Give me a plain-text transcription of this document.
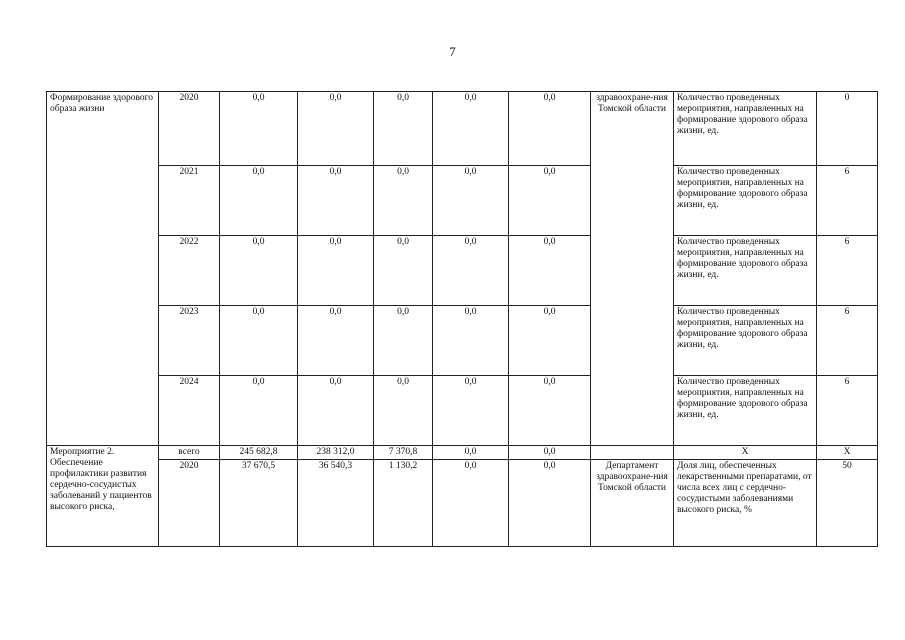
7
Формирование здорового образа жизни	2020	0,0	0,0	0,0	0,0	0,0	здравоохране-ния Томской области	Количество проведенных мероприятия, направленных на формирование здорового образа жизни, ед.	0
	2021	0,0	0,0	0,0	0,0	0,0		Количество проведенных мероприятия, направленных на формирование здорового образа жизни, ед.	6
	2022	0,0	0,0	0,0	0,0	0,0		Количество проведенных мероприятия, направленных на формирование здорового образа жизни, ед.	6
	2023	0,0	0,0	0,0	0,0	0,0		Количество проведенных мероприятия, направленных на формирование здорового образа жизни, ед.	6
	2024	0,0	0,0	0,0	0,0	0,0		Количество проведенных мероприятия, направленных на формирование здорового образа жизни, ед.	6
Мероприятие 2. Обеспечение профилактики развития сердечно-сосудистых заболеваний у пациентов высокого риска,	всего	245 682,8	238 312,0	7 370,8	0,0	0,0		X	X
	2020	37 670,5	36 540,3	1 130,2	0,0	0,0	Департамент здравоохране-ния Томской области	Доля лиц, обеспеченных лекарственными препаратами, от числа всех лиц с сердечно-сосудистыми заболеваниями высокого риска, %	50
